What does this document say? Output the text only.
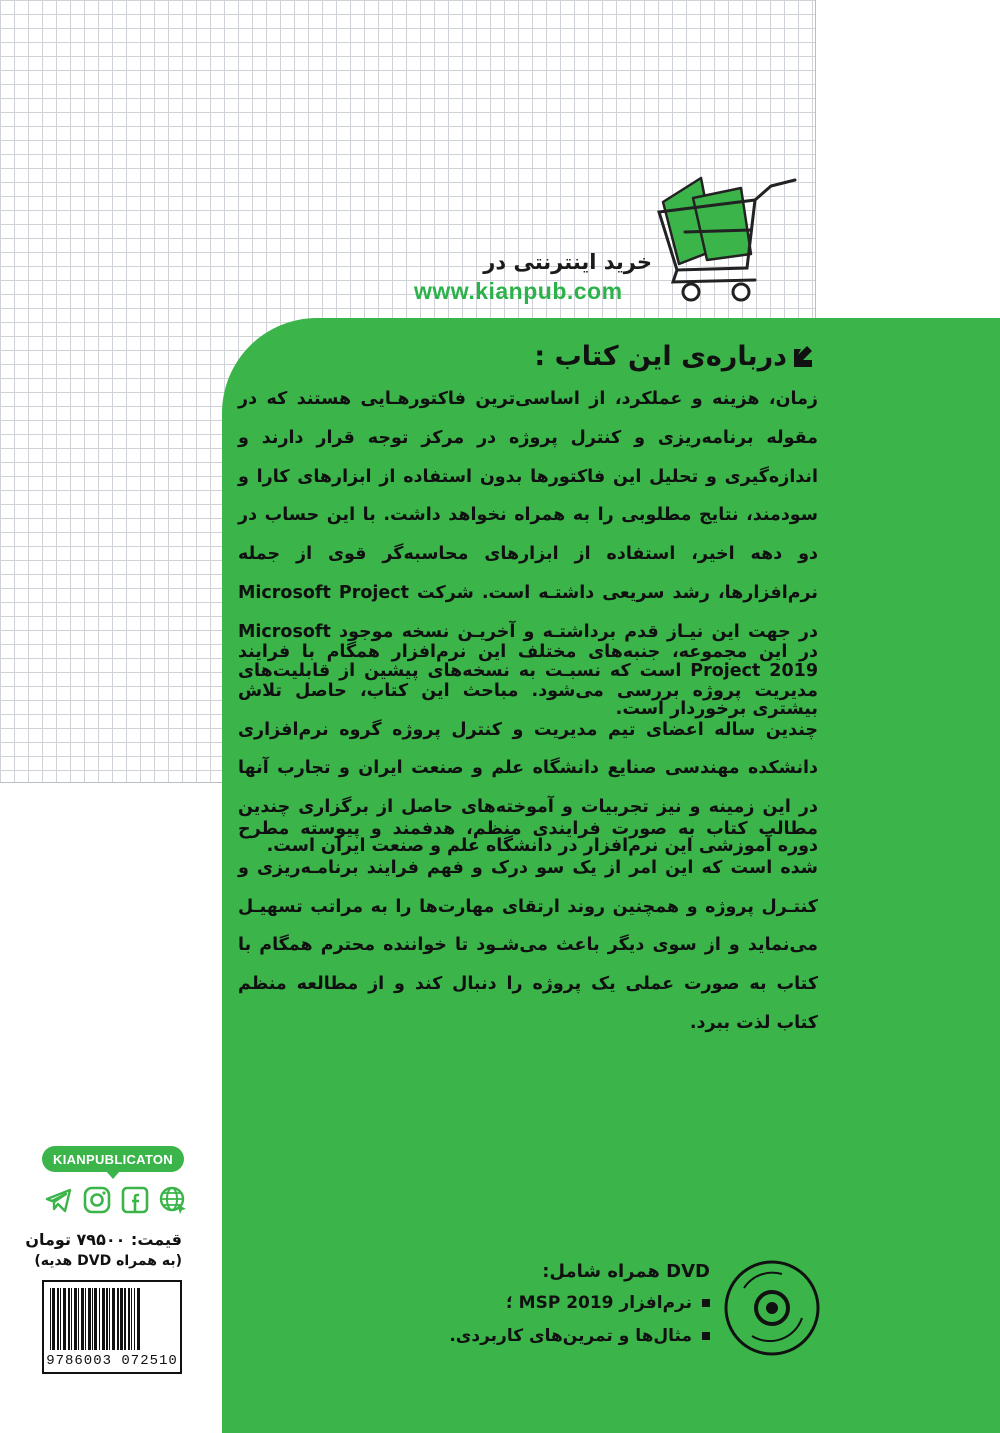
خرید اینترنتی در
www.kianpub.com
درباره‌ی این کتاب :

زمان، هزینه و عملکرد، از اساسی‌ترین فاکتورهـایی هستند که در مقوله برنامه‌ریزی و کنترل پروژه در مرکز توجه قرار دارند و اندازه‌گیری و تحلیل این فاکتورها بدون استفاده از ابزارهای کارا و سودمند، نتایج مطلوبی را به همراه نخواهد داشت. با این حساب در دو دهه اخیر، استفاده از ابزارهای محاسبه‌گر قوی از جمله نرم‌افزارها، رشد سریعی داشتـه است. شرکت Microsoft Project در جهت این نیـاز قدم برداشتـه و آخریـن نسخه موجود Microsoft Project 2019 است که نسبـت به نسخه‌های پیشین از قابلیت‌های بیشتری برخوردار است.

در این مجموعه، جنبه‌های مختلف این نرم‌افزار همگام با فرایند مدیریت پروژه بررسی می‌شود. مباحث این کتاب، حاصل تلاش چندین ساله اعضای تیم مدیریت و کنترل پروژه گروه نرم‌افزاری دانشکده مهندسی صنایع دانشگاه علم و صنعت ایران و تجارب آنها در این زمینه و نیز تجربیات و آموخته‌های حاصل از برگزاری چندین دوره آموزشی این نرم‌افزار در دانشگاه علم و صنعت ایران است.

مطالب کتاب به صورت فرایندی منظم، هدفمند و پیوسته مطرح شده است که این امر از یک سو درک و فهم فرایند برنامـه‌ریزی و کنتـرل پروژه و همچنین روند ارتقای مهارت‌ها را به مراتب تسهیـل می‌نماید و از سوی دیگر باعث می‌شـود تا خواننده محترم همگام با کتاب به صورت عملی یک پروژه را دنبال کند و از مطالعه منظم کتاب لذت ببرد.

DVD همراه شامل:
نرم‌افزار MSP 2019 ؛
مثال‌ها و تمرین‌های کاربردی.
KIANPUBLICATON
قیمت: ۷۹۵۰۰ تومان
(به همراه DVD هدیه)
9786003 072510
